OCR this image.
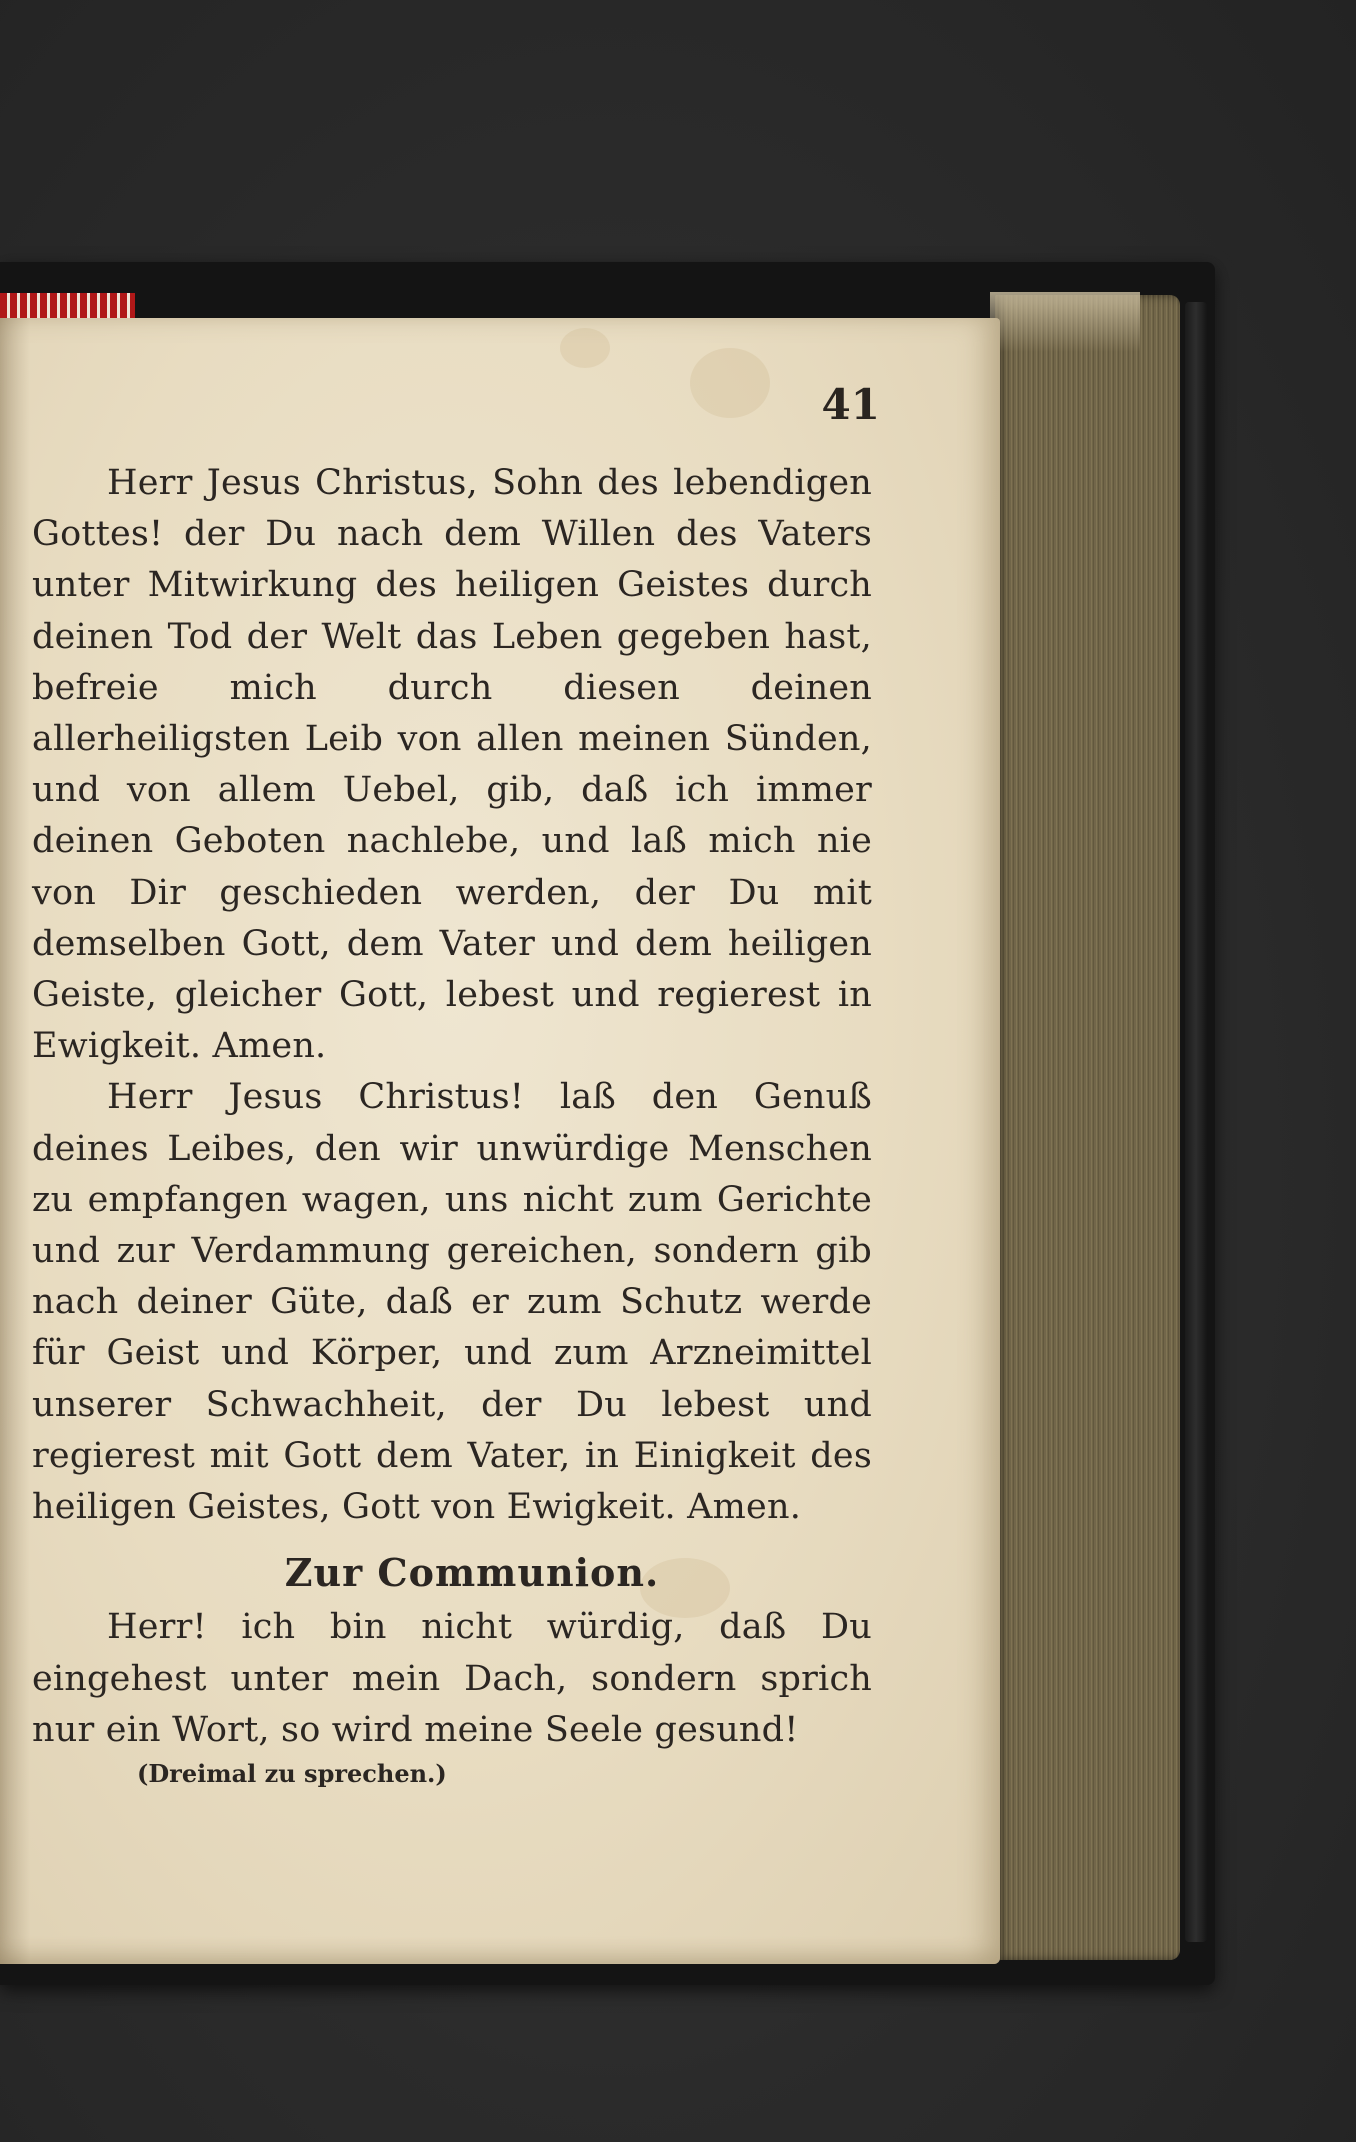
41

Herr Jesus Christus, Sohn des lebendigen Gottes! der Du nach dem Willen des Vaters unter Mitwirkung des heiligen Geistes durch deinen Tod der Welt das Leben gegeben hast, befreie mich durch diesen deinen allerheiligsten Leib von allen meinen Sünden, und von allem Uebel, gib, daß ich immer deinen Geboten nachlebe, und laß mich nie von Dir geschieden werden, der Du mit demselben Gott, dem Vater und dem heiligen Geiste, gleicher Gott, lebest und regierest in Ewigkeit. Amen.

Herr Jesus Christus! laß den Genuß deines Leibes, den wir unwürdige Menschen zu empfangen wagen, uns nicht zum Gerichte und zur Verdammung gereichen, sondern gib nach deiner Güte, daß er zum Schutz werde für Geist und Körper, und zum Arzneimittel unserer Schwachheit, der Du lebest und regierest mit Gott dem Vater, in Einigkeit des heiligen Geistes, Gott von Ewigkeit. Amen.

Zur Communion.

Herr! ich bin nicht würdig, daß Du eingehest unter mein Dach, sondern sprich nur ein Wort, so wird meine Seele gesund!

(Dreimal zu sprechen.)
